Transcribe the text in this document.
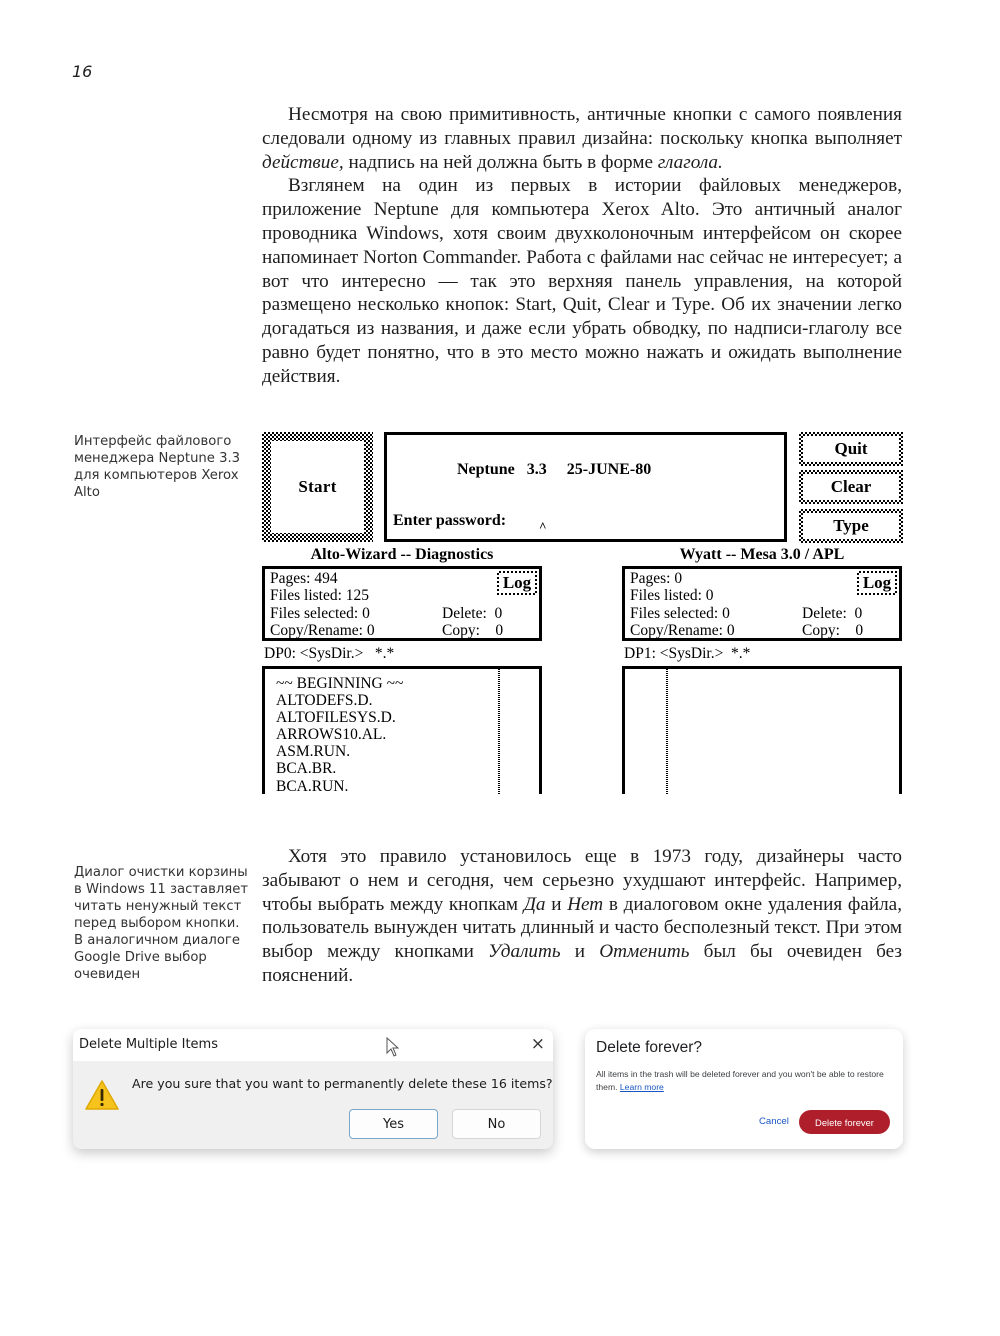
16

Несмотря на свою примитивность, античные кнопки с самого появления следовали одному из главных правил дизайна: поскольку кнопка выполняет действие, надпись на ней должна быть в форме глагола.

Взглянем на один из первых в истории файловых менеджеров, приложение Neptune для компьютера Xerox Alto. Это античный аналог проводника Windows, хотя своим двухколоночным интерфейсом он скорее напоминает Norton Commander. Работа с файлами нас сейчас не интересует; а вот что интересно — так это верхняя панель управления, на которой размещено несколько кнопок: Start, Quit, Clear и Type. Об их значении легко догадаться из названия, и даже если убрать обводку, по надписи-глаголу все равно будет понятно, что в это место можно нажать и ожидать выполнение действия.

Интерфейс файлового менеджера Neptune 3.3 для компьютеров Xerox Alto	Start
Neptune   3.3     25-JUNE-80
Enter password:	^
Quit
Clear
Type
Alto-Wizard -- Diagnostics
Pages: 494
Files listed: 125
Files selected: 0
Copy/Rename: 0
Delete:  0
Copy:    0
Log
DP0: <SysDir.>   *.*
~~ BEGINNING ~~
ALTODEFS.D.
ALTOFILESYS.D.
ARROWS10.AL.
ASM.RUN.
BCA.BR.
BCA.RUN.
Wyatt -- Mesa 3.0 / APL
Pages: 0
Files listed: 0
Files selected: 0
Copy/Rename: 0
Delete:  0
Copy:    0
Log
DP1: <SysDir.>  *.*
Диалог очистки корзины в Windows 11 заставляет читать ненужный текст перед выбором кнопки. В аналогичном диалоге Google Drive выбор очевиден

Хотя это правило установилось еще в 1973 году, дизайнеры часто забывают о нем и сегодня, чем серьезно ухудшают интерфейс. Например, чтобы выбрать между кнопкам Да и Нет в диалоговом окне удаления файла, пользователь вынужден читать длинный и часто бесполезный текст. При этом выбор между кнопками Удалить и Отменить был бы очевиден без пояснений.

Delete Multiple Items	×
Are you sure that you want to permanently delete these 16 items?
Yes	No
Delete forever?
All items in the trash will be deleted forever and you won't be able to restore them. Learn more
Cancel	Delete forever
